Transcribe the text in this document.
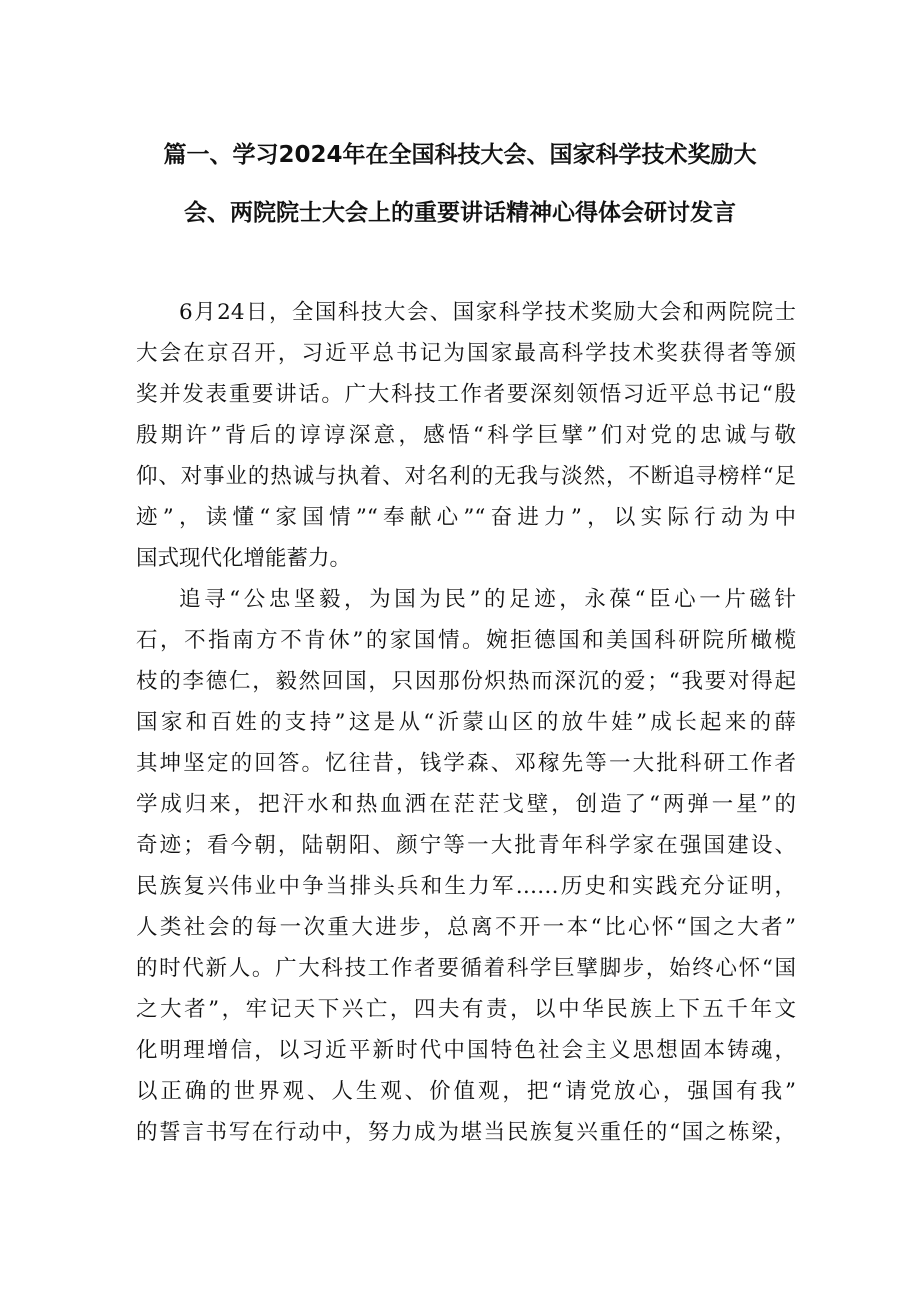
篇一、学习2024年在全国科技大会、国家科学技术奖励大
会、两院院士大会上的重要讲话精神心得体会研讨发言
6月24日，全国科技大会、国家科学技术奖励大会和两院院士
大会在京召开，习近平总书记为国家最高科学技术奖获得者等颁
奖并发表重要讲话。广大科技工作者要深刻领悟习近平总书记“殷
殷期许”背后的谆谆深意，感悟“科学巨擘”们对党的忠诚与敬
仰、对事业的热诚与执着、对名利的无我与淡然，不断追寻榜样“足
迹”，读懂“家国情”“奉献心”“奋进力”，以实际行动为中
国式现代化增能蓄力。
追寻“公忠坚毅，为国为民”的足迹，永葆“臣心一片磁针
石，不指南方不肯休”的家国情。婉拒德国和美国科研院所橄榄
枝的李德仁，毅然回国，只因那份炽热而深沉的爱；“我要对得起
国家和百姓的支持”这是从“沂蒙山区的放牛娃”成长起来的薛
其坤坚定的回答。忆往昔，钱学森、邓稼先等一大批科研工作者
学成归来，把汗水和热血洒在茫茫戈壁，创造了“两弹一星”的
奇迹；看今朝，陆朝阳、颜宁等一大批青年科学家在强国建设、
民族复兴伟业中争当排头兵和生力军……历史和实践充分证明，
人类社会的每一次重大进步，总离不开一本“比心怀“国之大者”
的时代新人。广大科技工作者要循着科学巨擘脚步，始终心怀“国
之大者”，牢记天下兴亡，四夫有责，以中华民族上下五千年文
化明理增信，以习近平新时代中国特色社会主义思想固本铸魂，
以正确的世界观、人生观、价值观，把“请党放心，强国有我”
的誓言书写在行动中，努力成为堪当民族复兴重任的“国之栋梁，
